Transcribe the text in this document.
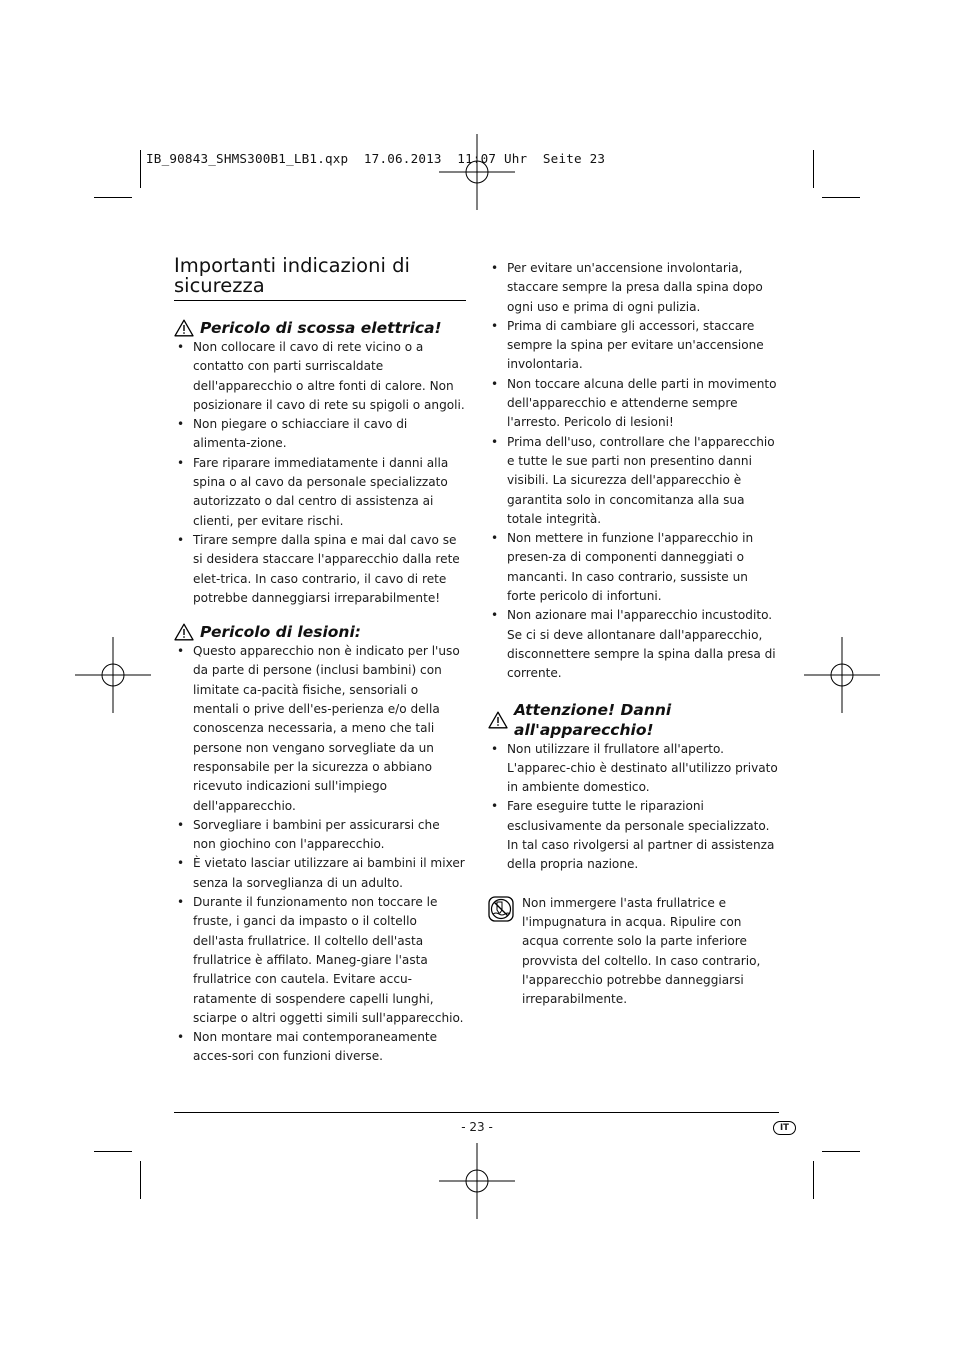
IB_90843_SHMS300B1_LB1.qxp  17.06.2013  11:07 Uhr  Seite 23
Importanti indicazioni di sicurezza
Pericolo di scossa elettrica!
• Non collocare il cavo di rete vicino o a contatto con parti surriscaldate dell'apparecchio o altre fonti di calore. Non posizionare il cavo di rete su spigoli o angoli.
• Non piegare o schiacciare il cavo di alimenta-zione.
• Fare riparare immediatamente i danni alla spina o al cavo da personale specializzato autorizzato o dal centro di assistenza ai clienti, per evitare rischi.
• Tirare sempre dalla spina e mai dal cavo se si desidera staccare l'apparecchio dalla rete elet-trica. In caso contrario, il cavo di rete potrebbe danneggiarsi irreparabilmente!
Pericolo di lesioni:
• Questo apparecchio non è indicato per l'uso da parte di persone (inclusi bambini) con limitate ca-pacità fisiche, sensoriali o mentali o prive dell'es-perienza e/o della conoscenza necessaria, a meno che tali persone non vengano sorvegliate da un responsabile per la sicurezza o abbiano ricevuto indicazioni sull'impiego dell'apparecchio.
• Sorvegliare i bambini per assicurarsi che non giochino con l'apparecchio.
• È vietato lasciar utilizzare ai bambini il mixer senza la sorveglianza di un adulto.
• Durante il funzionamento non toccare le fruste, i ganci da impasto o il coltello dell'asta frullatrice. Il coltello dell'asta frullatrice è affilato. Maneg-giare l'asta frullatrice con cautela. Evitare accu-ratamente di sospendere capelli lunghi, sciarpe o altri oggetti simili sull'apparecchio.
• Non montare mai contemporaneamente acces-sori con funzioni diverse.
• Per evitare un'accensione involontaria, staccare sempre la presa dalla spina dopo ogni uso e prima di ogni pulizia.
• Prima di cambiare gli accessori, staccare sempre la spina per evitare un'accensione involontaria.
• Non toccare alcuna delle parti in movimento dell'apparecchio e attenderne sempre l'arresto. Pericolo di lesioni!
• Prima dell'uso, controllare che l'apparecchio e tutte le sue parti non presentino danni visibili. La sicurezza dell'apparecchio è garantita solo in concomitanza alla sua totale integrità.
• Non mettere in funzione l'apparecchio in presen-za di componenti danneggiati o mancanti. In caso contrario, sussiste un forte pericolo di infortuni.
• Non azionare mai l'apparecchio incustodito. Se ci si deve allontanare dall'apparecchio, disconnettere sempre la spina dalla presa di corrente.
Attenzione! Danni all'apparecchio!
• Non utilizzare il frullatore all'aperto. L'apparec-chio è destinato all'utilizzo privato in ambiente domestico.
• Fare eseguire tutte le riparazioni esclusivamente da personale specializzato. In tal caso rivolgersi al partner di assistenza della propria nazione.
Non immergere l'asta frullatrice e l'impugnatura in acqua. Ripulire con acqua corrente solo la parte inferiore provvista del coltello. In caso contrario, l'apparecchio potrebbe danneggiarsi irreparabilmente.
- 23 -	IT
